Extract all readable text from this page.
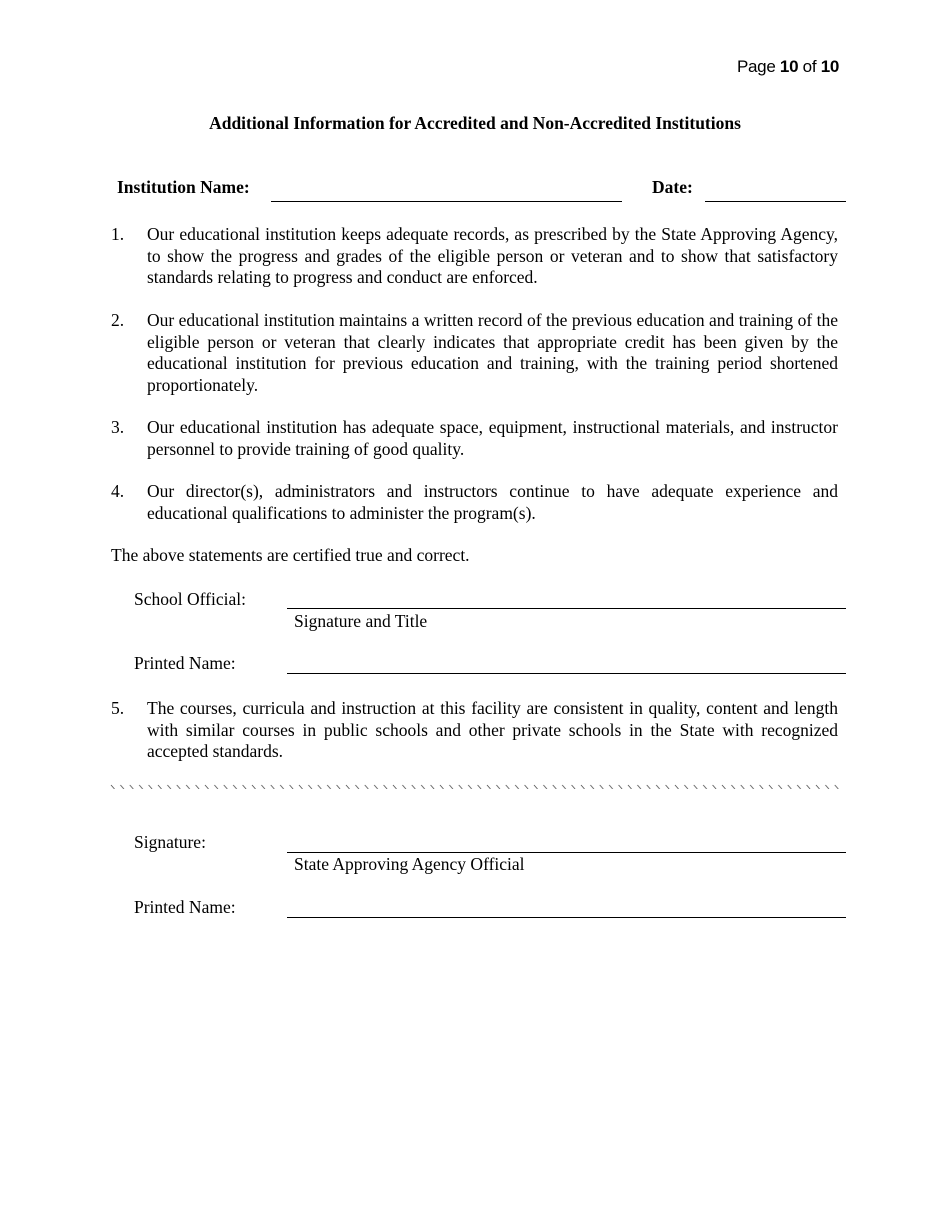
Page 10 of 10
Additional Information for Accredited and Non-Accredited Institutions
Institution Name:	Date:
1. Our educational institution keeps adequate records, as prescribed by the State Approving Agency, to show the progress and grades of the eligible person or veteran and to show that satisfactory standards relating to progress and conduct are enforced.
2. Our educational institution maintains a written record of the previous education and training of the eligible person or veteran that clearly indicates that appropriate credit has been given by the educational institution for previous education and training, with the training period shortened proportionately.
3. Our educational institution has adequate space, equipment, instructional materials, and instructor personnel to provide training of good quality.
4. Our director(s), administrators and instructors continue to have adequate experience and educational qualifications to administer the program(s).
The above statements are certified true and correct.
School Official:
Signature and Title
Printed Name:
5. The courses, curricula and instruction at this facility are consistent in quality, content and length with similar courses in public schools and other private schools in the State with recognized accepted standards.
Signature:
State Approving Agency Official
Printed Name:
